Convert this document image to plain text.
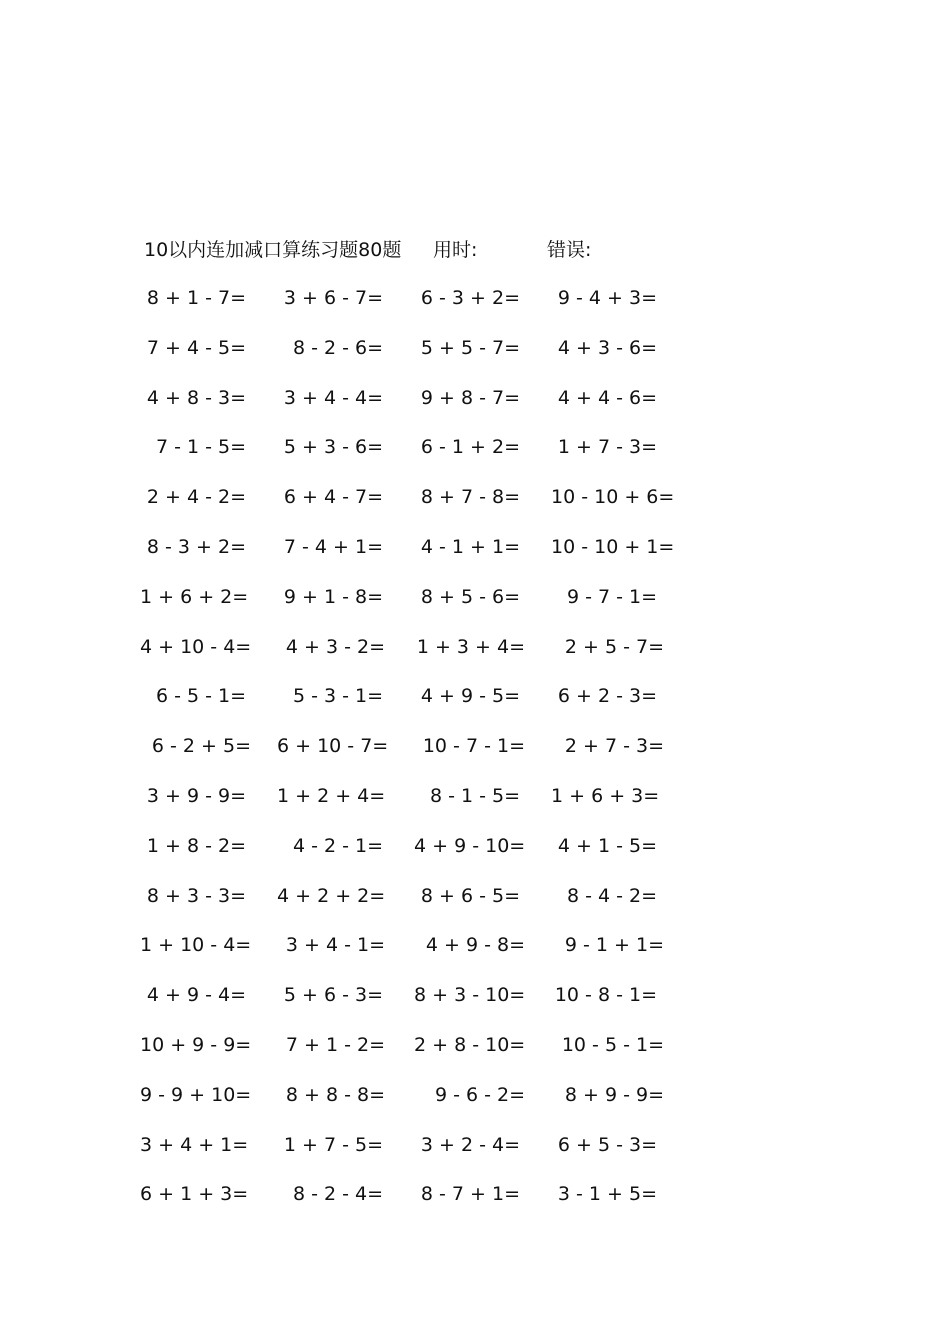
10以内连加减口算练习题80题 用时:	错误:
8 + 1 - 7=	3 + 6 - 7=	6 - 3 + 2=	9 - 4 + 3=
7 + 4 - 5=	8 - 2 - 6=	5 + 5 - 7=	4 + 3 - 6=
4 + 8 - 3=	3 + 4 - 4=	9 + 8 - 7=	4 + 4 - 6=
7 - 1 - 5=	5 + 3 - 6=	6 - 1 + 2=	1 + 7 - 3=
2 + 4 - 2=	6 + 4 - 7=	8 + 7 - 8= 10 - 10 + 6=
8 - 3 + 2=	7 - 4 + 1=	4 - 1 + 1= 10 - 10 + 1=
1 + 6 + 2=	9 + 1 - 8=	8 + 5 - 6=	9 - 7 - 1=
4 + 10 - 4=	4 + 3 - 2= 1 + 3 + 4=	2 + 5 - 7=
6 - 5 - 1=	5 - 3 - 1=	4 + 9 - 5=	6 + 2 - 3=
6 - 2 + 5= 6 + 10 - 7=	10 - 7 - 1=	2 + 7 - 3=
3 + 9 - 9= 1 + 2 + 4=	8 - 1 - 5= 1 + 6 + 3=
1 + 8 - 2=	4 - 2 - 1= 4 + 9 - 10=	4 + 1 - 5=
8 + 3 - 3= 4 + 2 + 2=	8 + 6 - 5=	8 - 4 - 2=
1 + 10 - 4=	3 + 4 - 1=	4 + 9 - 8=	9 - 1 + 1=
4 + 9 - 4=	5 + 6 - 3= 8 + 3 - 10= 10 - 8 - 1=
10 + 9 - 9=	7 + 1 - 2= 2 + 8 - 10=	10 - 5 - 1=
9 - 9 + 10=	8 + 8 - 8=	9 - 6 - 2=	8 + 9 - 9=
3 + 4 + 1=	1 + 7 - 5=	3 + 2 - 4=	6 + 5 - 3=
6 + 1 + 3=	8 - 2 - 4=	8 - 7 + 1=	3 - 1 + 5=
